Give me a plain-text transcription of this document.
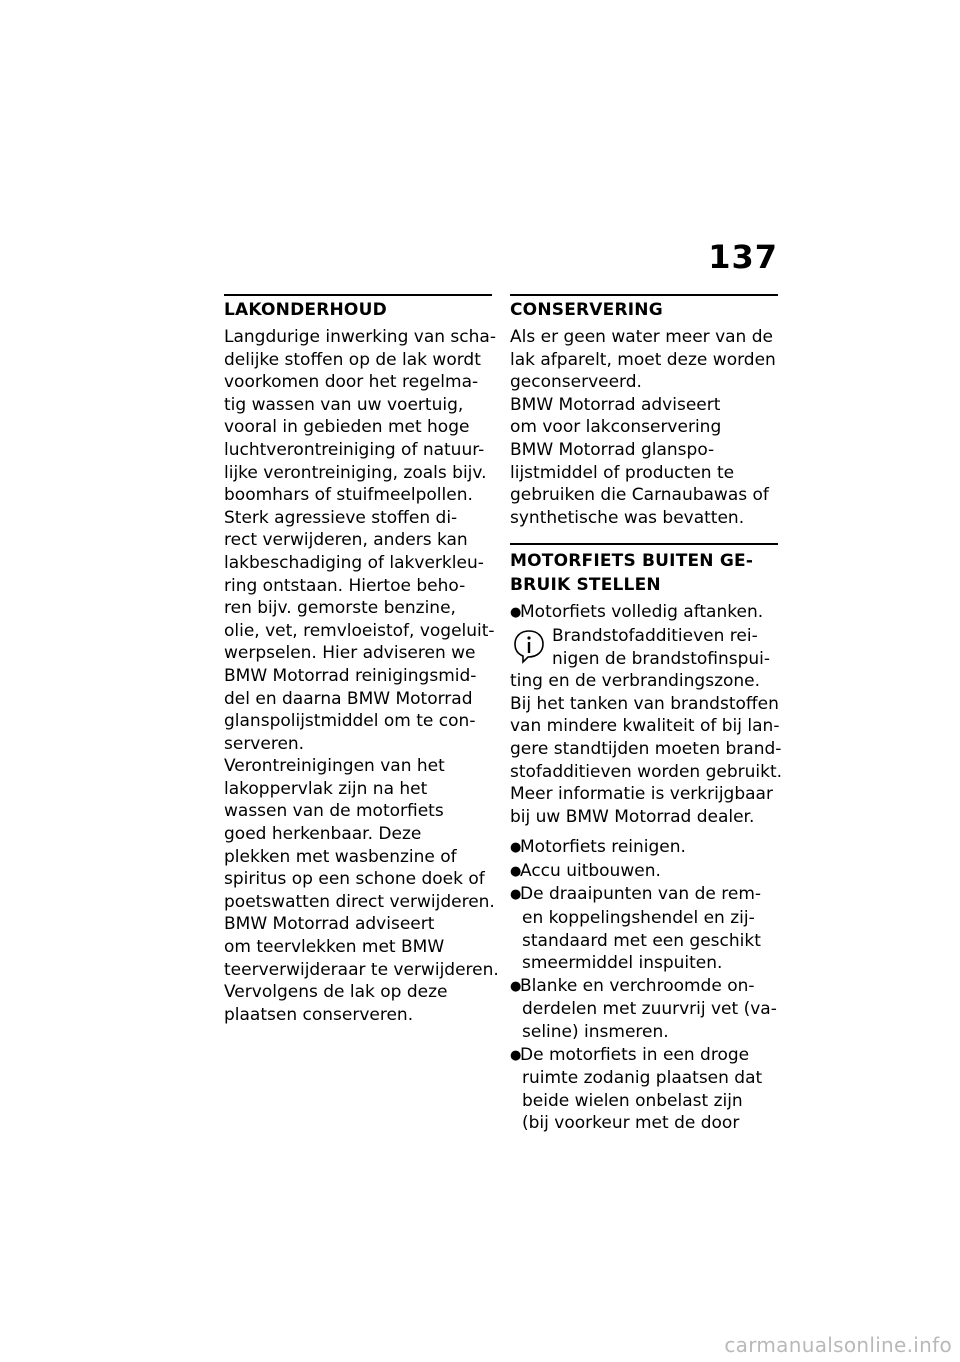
137
LAKONDERHOUD
Langdurige inwerking van scha-
delijke stoffen op de lak wordt
voorkomen door het regelma-
tig wassen van uw voertuig,
vooral in gebieden met hoge
luchtverontreiniging of natuur-
lijke verontreiniging, zoals bijv.
boomhars of stuifmeelpollen.
Sterk agressieve stoffen di-
rect verwijderen, anders kan
lakbeschadiging of lakverkleu-
ring ontstaan. Hiertoe beho-
ren bijv. gemorste benzine,
olie, vet, remvloeistof, vogeluit-
werpselen. Hier adviseren we
BMW Motorrad reinigingsmid-
del en daarna BMW Motorrad
glanspolijstmiddel om te con-
serveren.
Verontreinigingen van het
lakoppervlak zijn na het
wassen van de motorfiets
goed herkenbaar. Deze
plekken met wasbenzine of
spiritus op een schone doek of
poetswatten direct verwijderen.
BMW Motorrad adviseert
om teervlekken met BMW
teerverwijderaar te verwijderen.
Vervolgens de lak op deze
plaatsen conserveren.
CONSERVERING
Als er geen water meer van de
lak afparelt, moet deze worden
geconserveerd.
BMW Motorrad adviseert
om voor lakconservering
BMW Motorrad glanspo-
lijstmiddel of producten te
gebruiken die Carnaubawas of
synthetische was bevatten.
MOTORFIETS BUITEN GE-
BRUIK STELLEN
●Motorfiets volledig aftanken.
Brandstofadditieven rei-
nigen de brandstofinspui-
ting en de verbrandingszone.
Bij het tanken van brandstoffen
van mindere kwaliteit of bij lan-
gere standtijden moeten brand-
stofadditieven worden gebruikt.
Meer informatie is verkrijgbaar
bij uw BMW Motorrad dealer.
●Motorfiets reinigen.
●Accu uitbouwen.
●De draaipunten van de rem-
en koppelingshendel en zij-
standaard met een geschikt
smeermiddel inspuiten.
●Blanke en verchroomde on-
derdelen met zuurvrij vet (va-
seline) insmeren.
●De motorfiets in een droge
ruimte zodanig plaatsen dat
beide wielen onbelast zijn
(bij voorkeur met de door
carmanualsonline.info
